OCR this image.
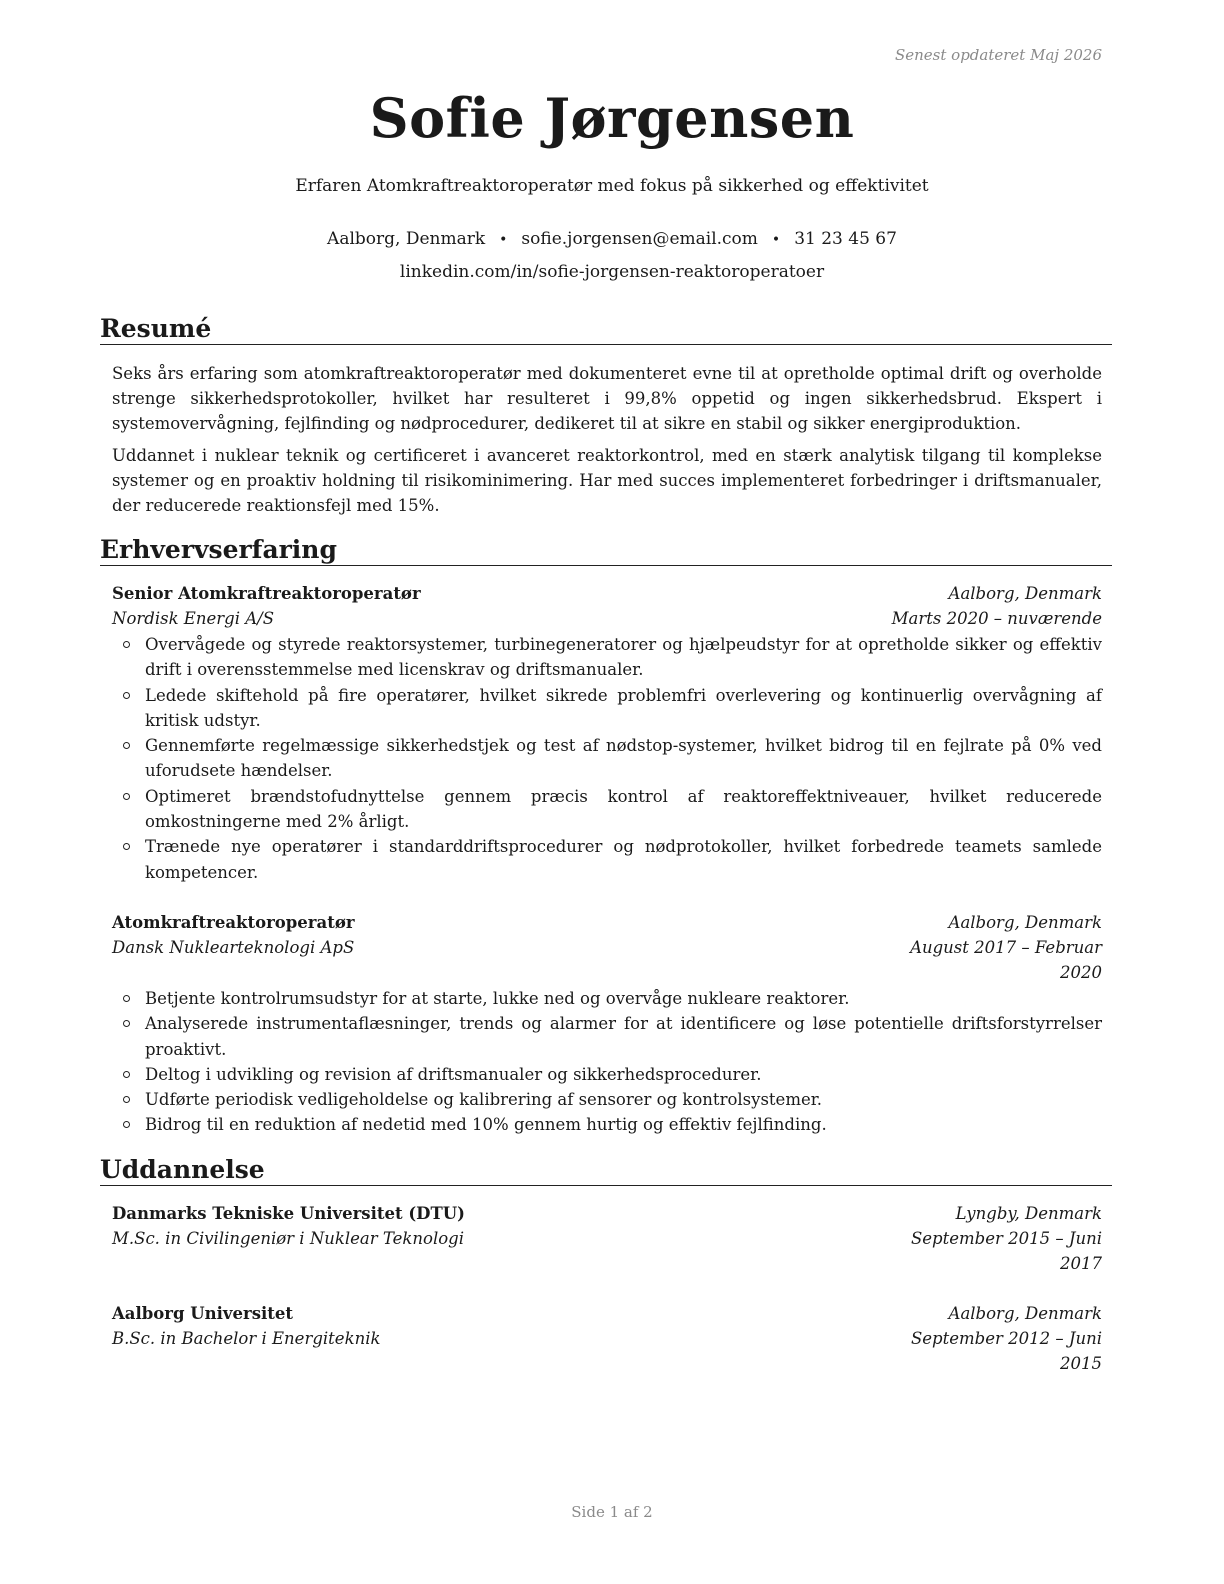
Senest opdateret Maj 2026
Sofie Jørgensen
Erfaren Atomkraftreaktoroperatør med fokus på sikkerhed og effektivitet
Aalborg, Denmark • sofie.jorgensen@email.com • 31 23 45 67
linkedin.com/in/sofie-jorgensen-reaktoroperatoer
Resumé

Seks års erfaring som atomkraftreaktoroperatør med dokumenteret evne til at opretholde optimal drift og overholde strenge sikkerhedsprotokoller, hvilket har resulteret i 99,8% oppetid og ingen sikkerhedsbrud. Ekspert i systemovervågning, fejlfinding og nødprocedurer, dedikeret til at sikre en stabil og sikker energiproduktion.

Uddannet i nuklear teknik og certificeret i avanceret reaktorkontrol, med en stærk analytisk tilgang til komplekse systemer og en proaktiv holdning til risikominimering. Har med succes implementeret forbedringer i driftsmanualer, der reducerede reaktionsfejl med 15%.

Erhvervserfaring
Senior Atomkraftreaktoroperatør	Aalborg, Denmark
Nordisk Energi A/S	Marts 2020 – nuværende
Overvågede og styrede reaktorsystemer, turbinegeneratorer og hjælpeudstyr for at opretholde sikker og effektiv drift i overensstemmelse med licenskrav og driftsmanualer.
Ledede skiftehold på fire operatører, hvilket sikrede problemfri overlevering og kontinuerlig overvågning af kritisk udstyr.
Gennemførte regelmæssige sikkerhedstjek og test af nødstop-systemer, hvilket bidrog til en fejlrate på 0% ved uforudsete hændelser.
Optimeret brændstofudnyttelse gennem præcis kontrol af reaktoreffektniveauer, hvilket reducerede omkostningerne med 2% årligt.
Trænede nye operatører i standarddriftsprocedurer og nødprotokoller, hvilket forbedrede teamets samlede kompetencer.
Atomkraftreaktoroperatør	Aalborg, Denmark
Dansk Nuklearteknologi ApS	August 2017 – Februar
2020
Betjente kontrolrumsudstyr for at starte, lukke ned og overvåge nukleare reaktorer.
Analyserede instrumentaflæsninger, trends og alarmer for at identificere og løse potentielle driftsforstyrrelser proaktivt.
Deltog i udvikling og revision af driftsmanualer og sikkerhedsprocedurer.
Udførte periodisk vedligeholdelse og kalibrering af sensorer og kontrolsystemer.
Bidrog til en reduktion af nedetid med 10% gennem hurtig og effektiv fejlfinding.
Uddannelse
Danmarks Tekniske Universitet (DTU)	Lyngby, Denmark
M.Sc. in Civilingeniør i Nuklear Teknologi	September 2015 – Juni
2017
Aalborg Universitet	Aalborg, Denmark
B.Sc. in Bachelor i Energiteknik	September 2012 – Juni
2015
Side 1 af 2
